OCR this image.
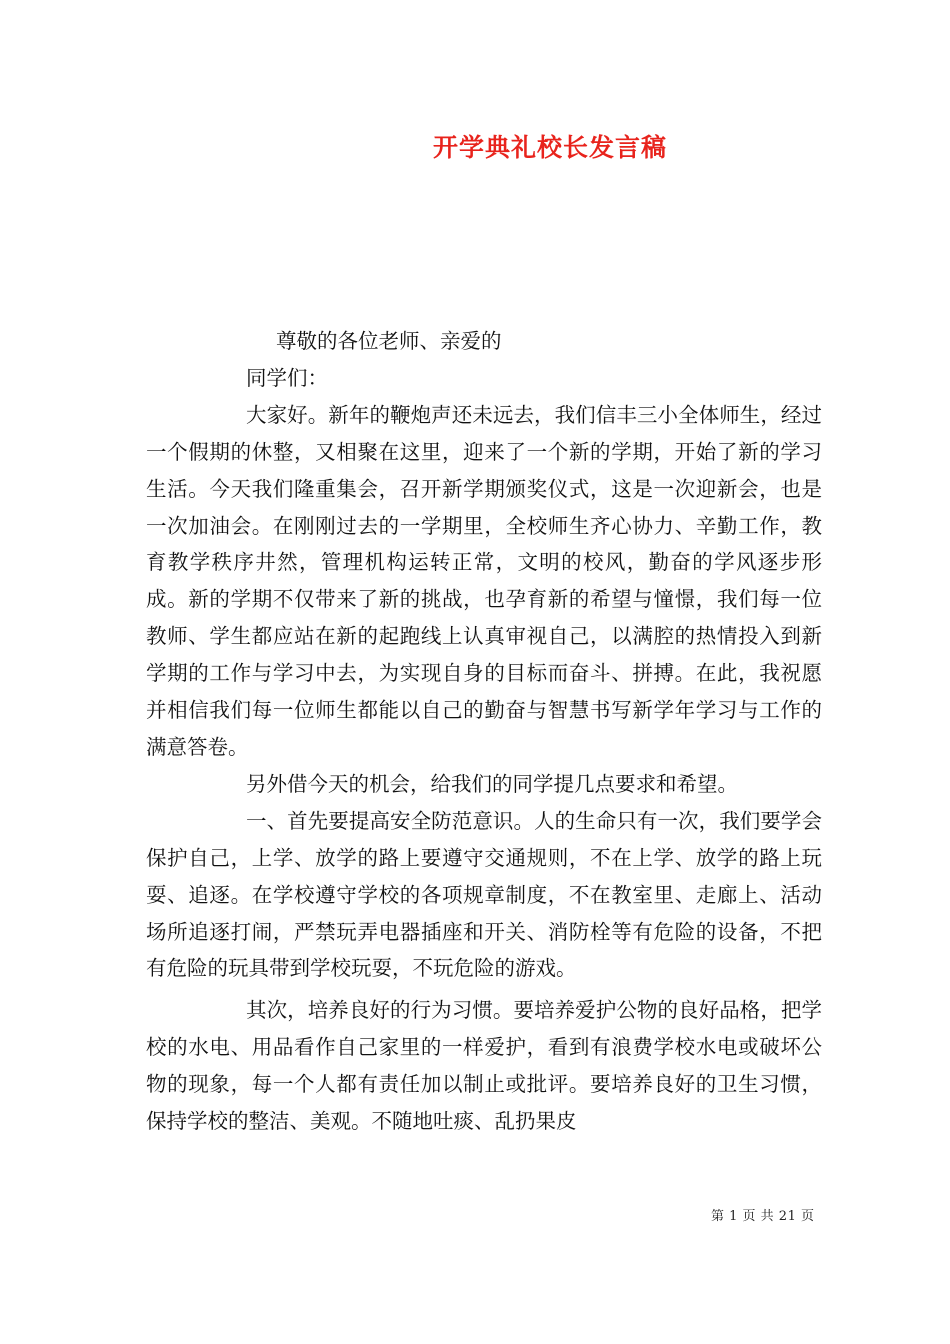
开学典礼校长发言稿

尊敬的各位老师、亲爱的

同学们：

大家好。新年的鞭炮声还未远去，我们信丰三小全体师生，经过一个假期的休整，又相聚在这里，迎来了一个新的学期，开始了新的学习生活。今天我们隆重集会，召开新学期颁奖仪式，这是一次迎新会，也是一次加油会。在刚刚过去的一学期里，全校师生齐心协力、辛勤工作，教育教学秩序井然，管理机构运转正常，文明的校风，勤奋的学风逐步形成。新的学期不仅带来了新的挑战，也孕育新的希望与憧憬，我们每一位教师、学生都应站在新的起跑线上认真审视自己，以满腔的热情投入到新学期的工作与学习中去，为实现自身的目标而奋斗、拼搏。在此，我祝愿并相信我们每一位师生都能以自己的勤奋与智慧书写新学年学习与工作的满意答卷。

另外借今天的机会，给我们的同学提几点要求和希望。

一、首先要提高安全防范意识。人的生命只有一次，我们要学会保护自己，上学、放学的路上要遵守交通规则，不在上学、放学的路上玩耍、追逐。在学校遵守学校的各项规章制度，不在教室里、走廊上、活动场所追逐打闹，严禁玩弄电器插座和开关、消防栓等有危险的设备，不把有危险的玩具带到学校玩耍，不玩危险的游戏。

其次，培养良好的行为习惯。要培养爱护公物的良好品格，把学校的水电、用品看作自己家里的一样爱护，看到有浪费学校水电或破坏公物的现象，每一个人都有责任加以制止或批评。要培养良好的卫生习惯，保持学校的整洁、美观。不随地吐痰、乱扔果皮

第 1 页 共 21 页
